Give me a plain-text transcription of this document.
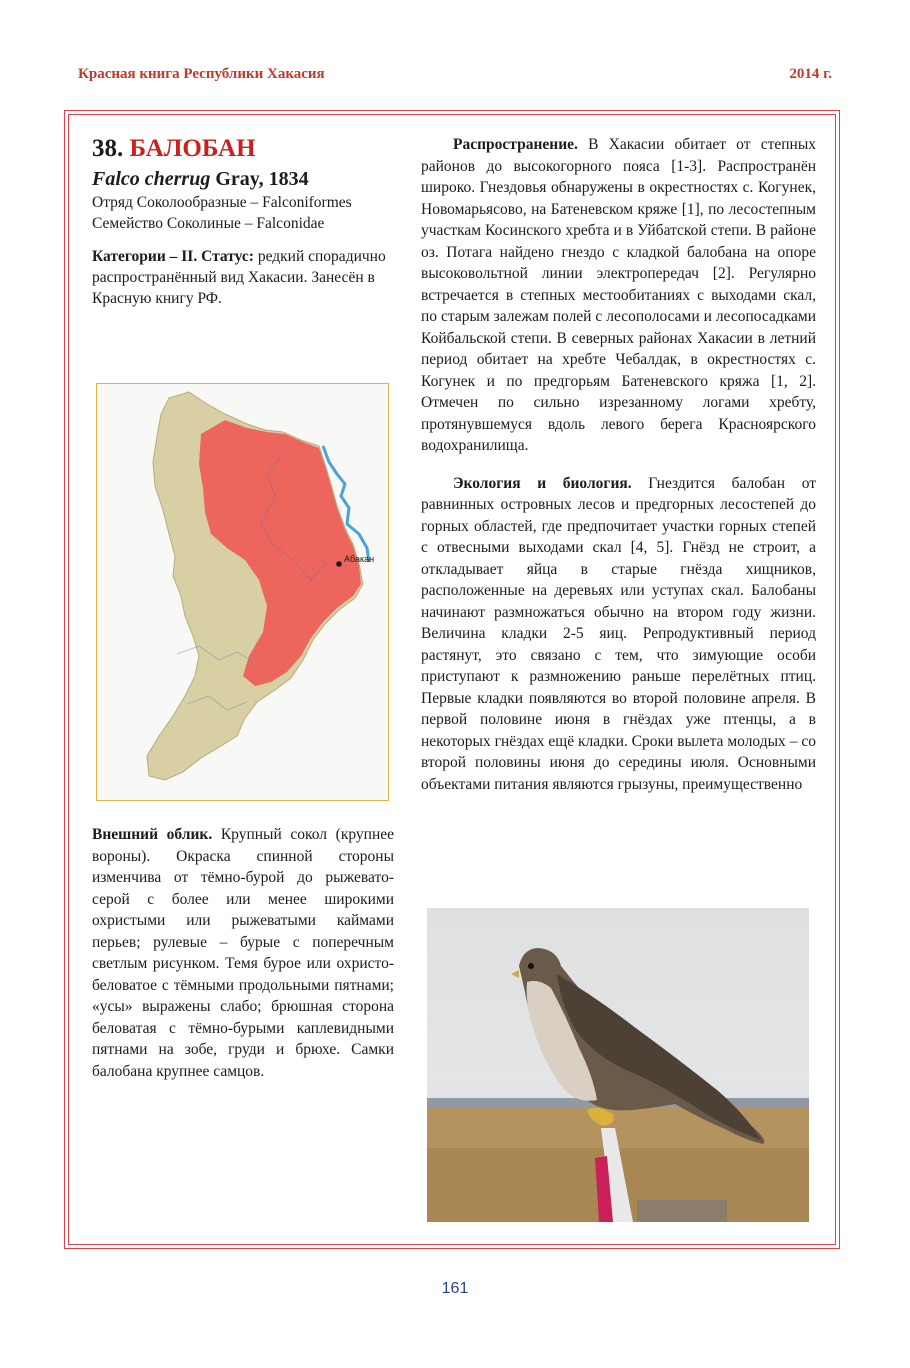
Красная книга Республики Хакасия	2014 г.
38. БАЛОБАН
Falco cherrug Gray, 1834
Отряд Соколообразные – Falconiformes
Семейство Соколиные – Falconidae
Категории – II. Статус: редкий спорадично распространённый вид Хакасии. Занесён в Красную книгу РФ.
Абакан
Внешний облик. Крупный сокол (крупнее вороны). Окраска спинной стороны изменчива от тёмно-бурой до рыжевато-серой с более или менее широкими охристыми или рыжеватыми каймами перьев; рулевые – бурые с поперечным светлым рисунком. Темя бурое или охристо-беловатое с тёмными продольными пятнами; «усы» выражены слабо; брюшная сторона беловатая с тёмно-бурыми каплевидными пятнами на зобе, груди и брюхе. Самки балобана крупнее самцов.

Распространение. В Хакасии обитает от степных районов до высокогорного пояса [1-3]. Распространён широко. Гнездовья обнаружены в окрестностях с. Когунек, Новомарьясово, на Батеневском кряже [1], по лесостепным участкам Косинского хребта и в Уйбатской степи. В районе оз. Потага найдено гнездо с кладкой балобана на опоре высоковольтной линии электропередач [2]. Регулярно встречается в степных местообитаниях с выходами скал, по старым залежам полей с лесополосами и лесопосадками Койбальской степи. В северных районах Хакасии в летний период обитает на хребте Чебалдак, в окрестностях с. Когунек и по предгорьям Батеневского кряжа [1, 2]. Отмечен по сильно изрезанному логами хребту, протянувшемуся вдоль левого берега Красноярского водохранилища.

Экология и биология. Гнездится балобан от равнинных островных лесов и предгорных лесостепей до горных областей, где предпочитает участки горных степей с отвесными выходами скал [4, 5]. Гнёзд не строит, а откладывает яйца в старые гнёзда хищников, расположенные на деревьях или уступах скал. Балобаны начинают размножаться обычно на втором году жизни. Величина кладки 2-5 яиц. Репродуктивный период растянут, это связано с тем, что зимующие особи приступают к размножению раньше перелётных птиц. Первые кладки появляются во второй половине апреля. В первой половине июня в гнёздах уже птенцы, а в некоторых гнёздах ещё кладки. Сроки вылета молодых – со второй половины июня до середины июля. Основными объектами питания являются грызуны, преимущественно

161
